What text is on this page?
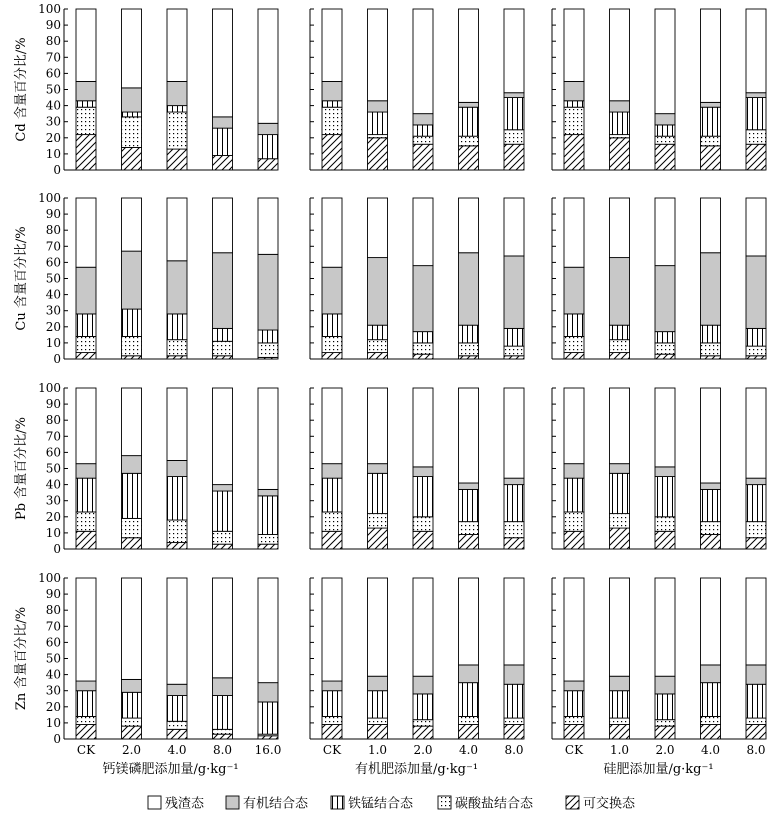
0
10
20
30
40
50
60
70
80
90
100
Cd 含量百分比/%
0
10
20
30
40
50
60
70
80
90
100
Cu 含量百分比/%
0
10
20
30
40
50
60
70
80
90
100
Pb 含量百分比/%
0
10
20
30
40
50
60
70
80
90
100
Zn 含量百分比/%
CK 2.0 4.0 8.0 16.0
钙镁磷肥添加量/g·kg⁻¹
CK 1.0 2.0 4.0 8.0
有机肥添加量/g·kg⁻¹
CK 1.0 2.0 4.0 8.0
硅肥添加量/g·kg⁻¹
残渣态	有机结合态	铁锰结合态	碳酸盐结合态	可交换态
